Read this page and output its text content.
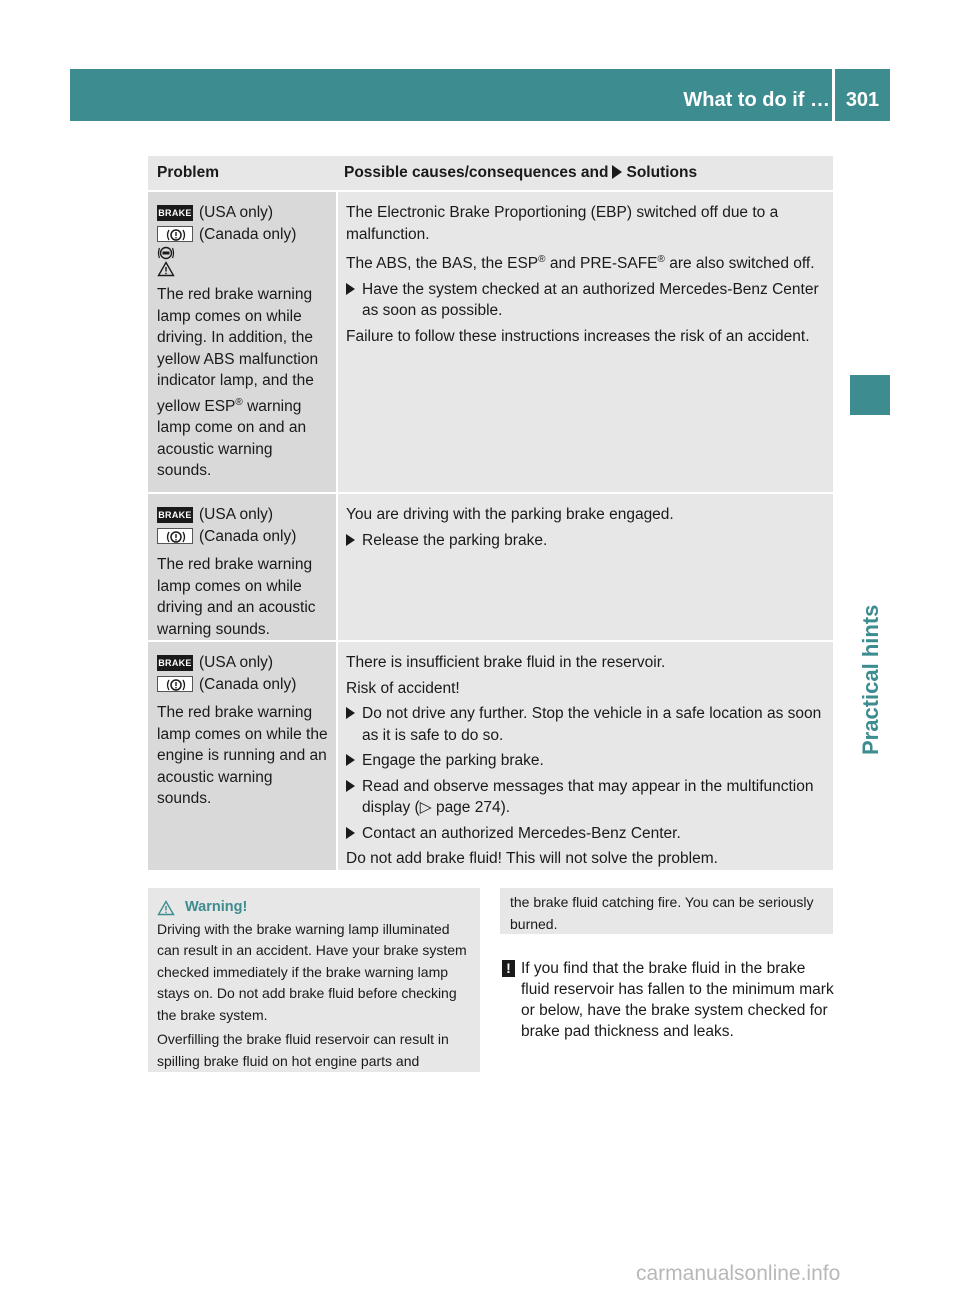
What to do if … 301
Practical hints
Problem	Possible causes/consequences and Solutions
BRAKE (USA only)
(Canada only)
The red brake warning lamp comes on while driving. In addition, the yellow ABS malfunction indicator lamp, and the yellow ESP® warning lamp come on and an acoustic warning sounds.
The Electronic Brake Proportioning (EBP) switched off due to a malfunction.
The ABS, the BAS, the ESP® and PRE-SAFE® are also switched off.
Have the system checked at an authorized Mercedes-Benz Center as soon as possible.
Failure to follow these instructions increases the risk of an accident.
BRAKE (USA only)
(Canada only)
The red brake warning lamp comes on while driving and an acoustic warning sounds.
You are driving with the parking brake engaged.
Release the parking brake.
BRAKE (USA only)
(Canada only)
The red brake warning lamp comes on while the engine is running and an acoustic warning sounds.
There is insufficient brake fluid in the reservoir.
Risk of accident!
Do not drive any further. Stop the vehicle in a safe location as soon as it is safe to do so.
Engage the parking brake.
Read and observe messages that may appear in the multifunction display (▷ page 274).
Contact an authorized Mercedes-Benz Center.
Do not add brake fluid! This will not solve the problem.
Warning!

Driving with the brake warning lamp illuminated can result in an accident. Have your brake system checked immediately if the brake warning lamp stays on. Do not add brake fluid before checking the brake system.

Overfilling the brake fluid reservoir can result in spilling brake fluid on hot engine parts and

the brake fluid catching fire. You can be seriously burned.
! If you find that the brake fluid in the brake fluid reservoir has fallen to the minimum mark or below, have the brake system checked for brake pad thickness and leaks.
carmanualsonline.info
